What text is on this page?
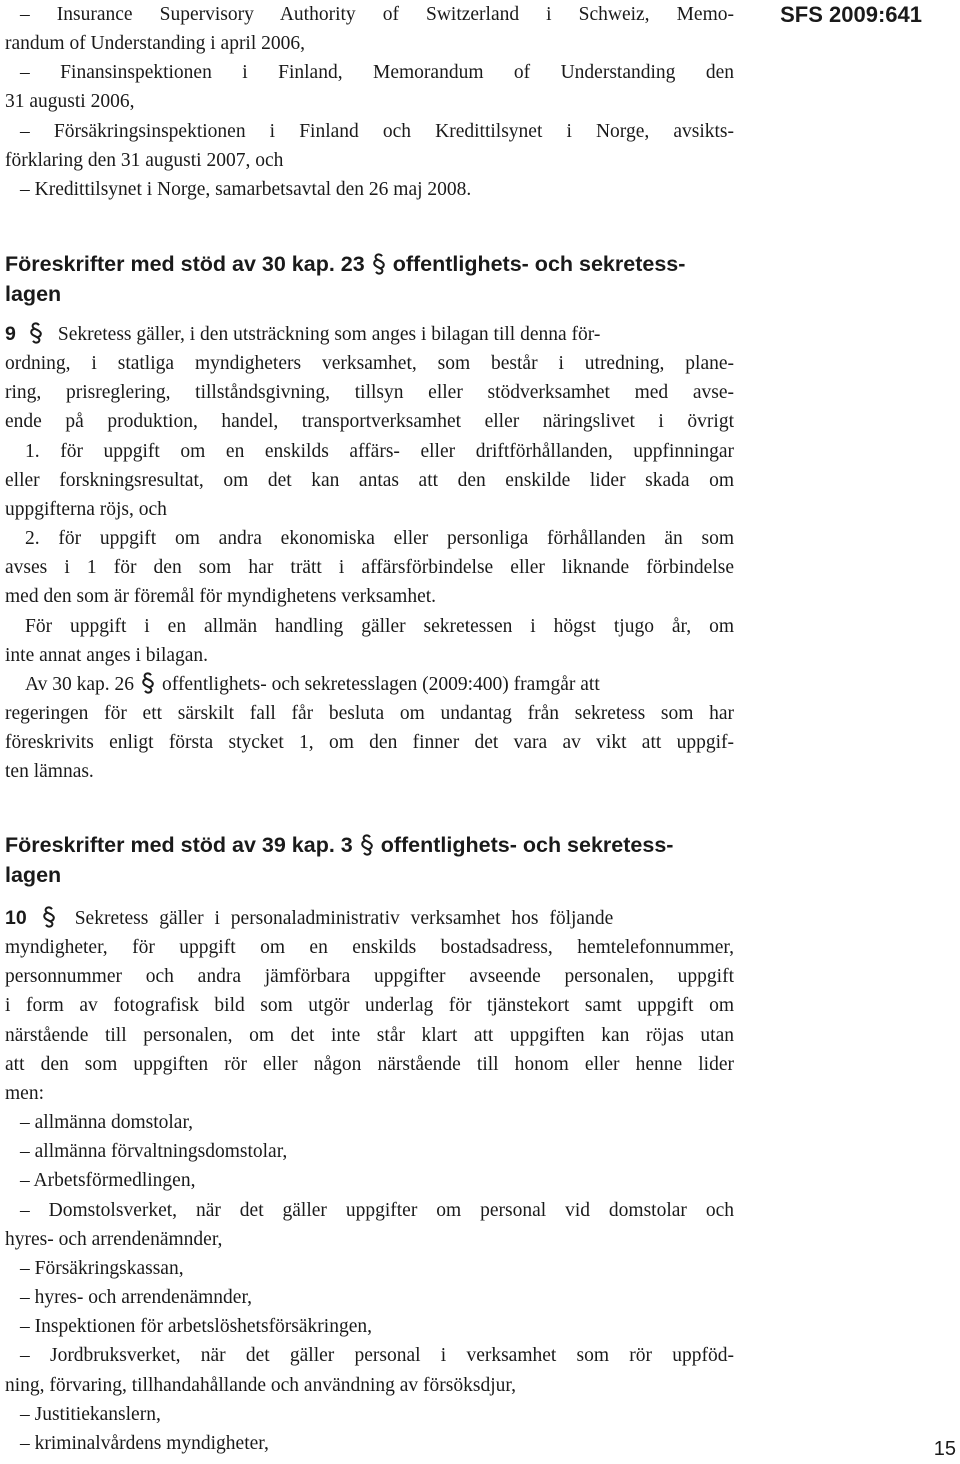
SFS 2009:641
– Insurance Supervisory Authority of Switzerland i Schweiz, Memo-
randum of Understanding i april 2006,
– Finansinspektionen i Finland, Memorandum of Understanding den
31 augusti 2006,
– Försäkringsinspektionen i Finland och Kredittilsynet i Norge, avsikts-
förklaring den 31 augusti 2007, och
– Kredittilsynet i Norge, samarbetsavtal den 26 maj 2008.
Föreskrifter med stöd av 30 kap. 23 offentlighets- och sekretess-
lagen
9 Sekretess gäller, i den utsträckning som anges i bilagan till denna för-
ordning, i statliga myndigheters verksamhet, som består i utredning, plane-
ring, prisreglering, tillståndsgivning, tillsyn eller stödverksamhet med avse-
ende på produktion, handel, transportverksamhet eller näringslivet i övrigt
1. för uppgift om en enskilds affärs- eller driftförhållanden, uppfinningar
eller forskningsresultat, om det kan antas att den enskilde lider skada om
uppgifterna röjs, och
2. för uppgift om andra ekonomiska eller personliga förhållanden än som
avses i 1 för den som har trätt i affärsförbindelse eller liknande förbindelse
med den som är föremål för myndighetens verksamhet.
För uppgift i en allmän handling gäller sekretessen i högst tjugo år, om
inte annat anges i bilagan.
Av 30 kap. 26 offentlighets- och sekretesslagen (2009:400) framgår att
regeringen för ett särskilt fall får besluta om undantag från sekretess som har
föreskrivits enligt första stycket 1, om den finner det vara av vikt att uppgif-
ten lämnas.
Föreskrifter med stöd av 39 kap. 3 offentlighets- och sekretess-
lagen
10 Sekretess gäller i personaladministrativ verksamhet hos följande
myndigheter, för uppgift om en enskilds bostadsadress, hemtelefonnummer,
personnummer och andra jämförbara uppgifter avseende personalen, uppgift
i form av fotografisk bild som utgör underlag för tjänstekort samt uppgift om
närstående till personalen, om det inte står klart att uppgiften kan röjas utan
att den som uppgiften rör eller någon närstående till honom eller henne lider
men:
– allmänna domstolar,
– allmänna förvaltningsdomstolar,
– Arbetsförmedlingen,
– Domstolsverket, när det gäller uppgifter om personal vid domstolar och
hyres- och arrendenämnder,
– Försäkringskassan,
– hyres- och arrendenämnder,
– Inspektionen för arbetslöshetsförsäkringen,
– Jordbruksverket, när det gäller personal i verksamhet som rör uppföd-
ning, förvaring, tillhandahållande och användning av försöksdjur,
– Justitiekanslern,
– kriminalvårdens myndigheter,	15
